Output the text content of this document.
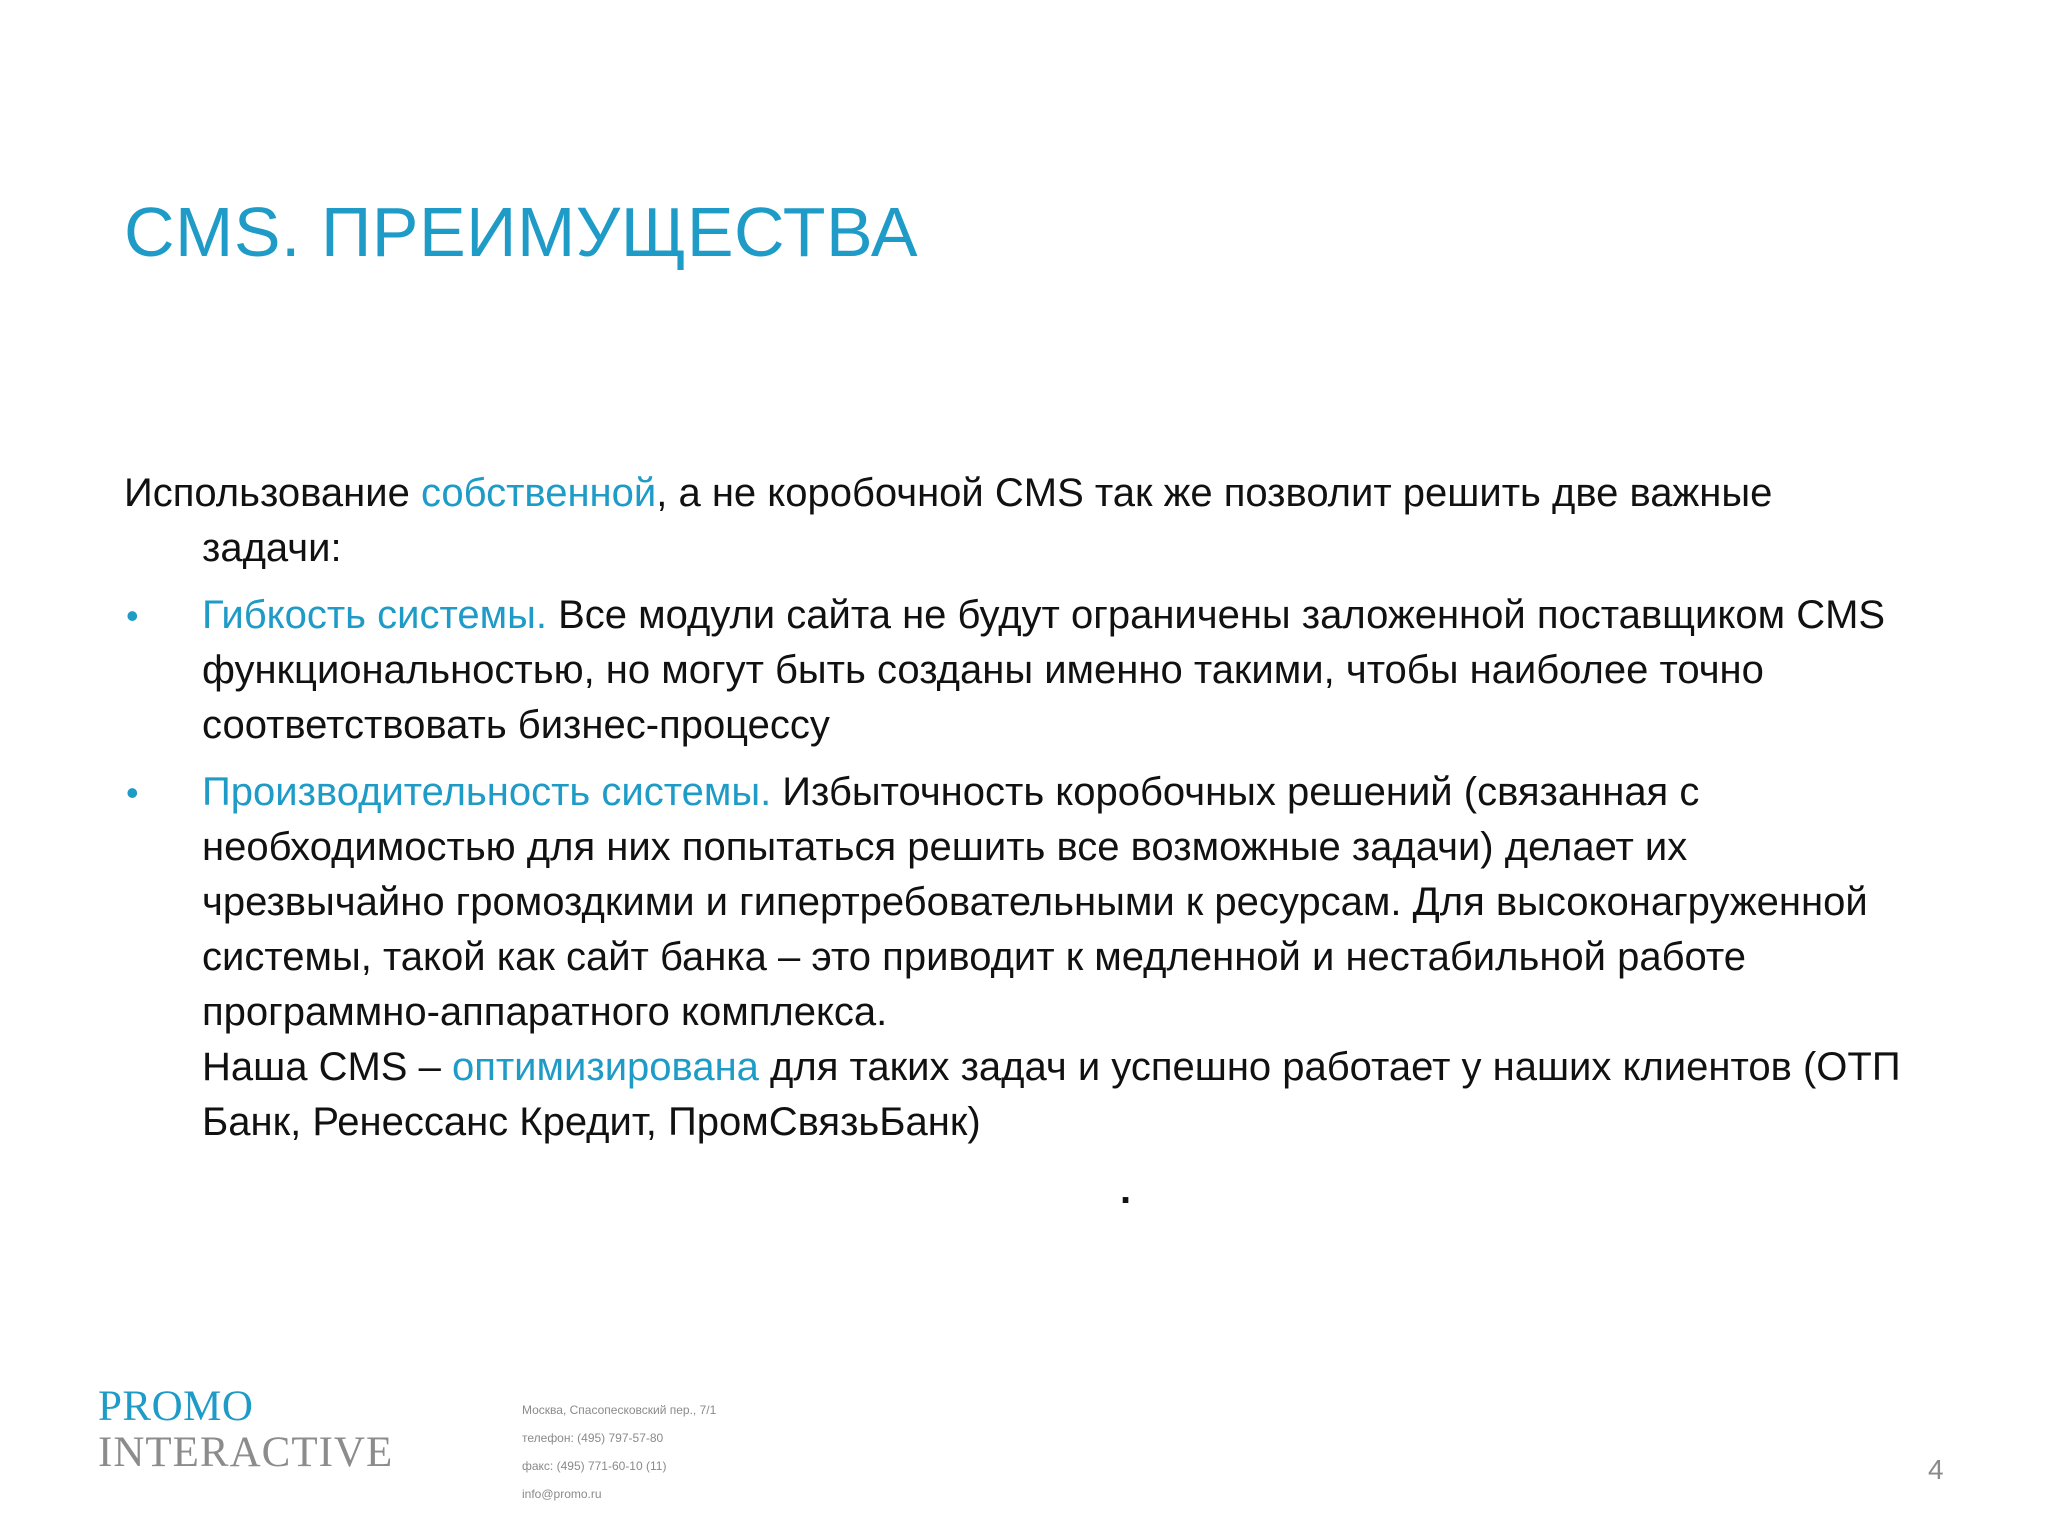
CMS. ПРЕИМУЩЕСТВА

Использование собственной, а не коробочной CMS так же позволит решить две важные задачи:

• Гибкость системы. Все модули сайта не будут ограничены заложенной поставщиком CMS функциональностью, но могут быть созданы именно такими, чтобы наиболее точно соответствовать бизнес-процессу
• Производительность системы. Избыточность коробочных решений (связанная с необходимостью для них попытаться решить все возможные задачи) делает их чрезвычайно громоздкими и гипертребовательными к ресурсам. Для высоконагруженной системы, такой как сайт банка – это приводит к медленной и нестабильной работе программно-аппаратного комплекса.
Наша CMS – оптимизирована для таких задач и успешно работает у наших клиентов (ОТП Банк, Ренессанс Кредит, ПромСвязьБанк)
.
PROMO
INTERACTIVE
Москва, Спасопесковский пер., 7/1
телефон: (495) 797-57-80
факс: (495) 771-60-10 (11)
info@promo.ru
4
